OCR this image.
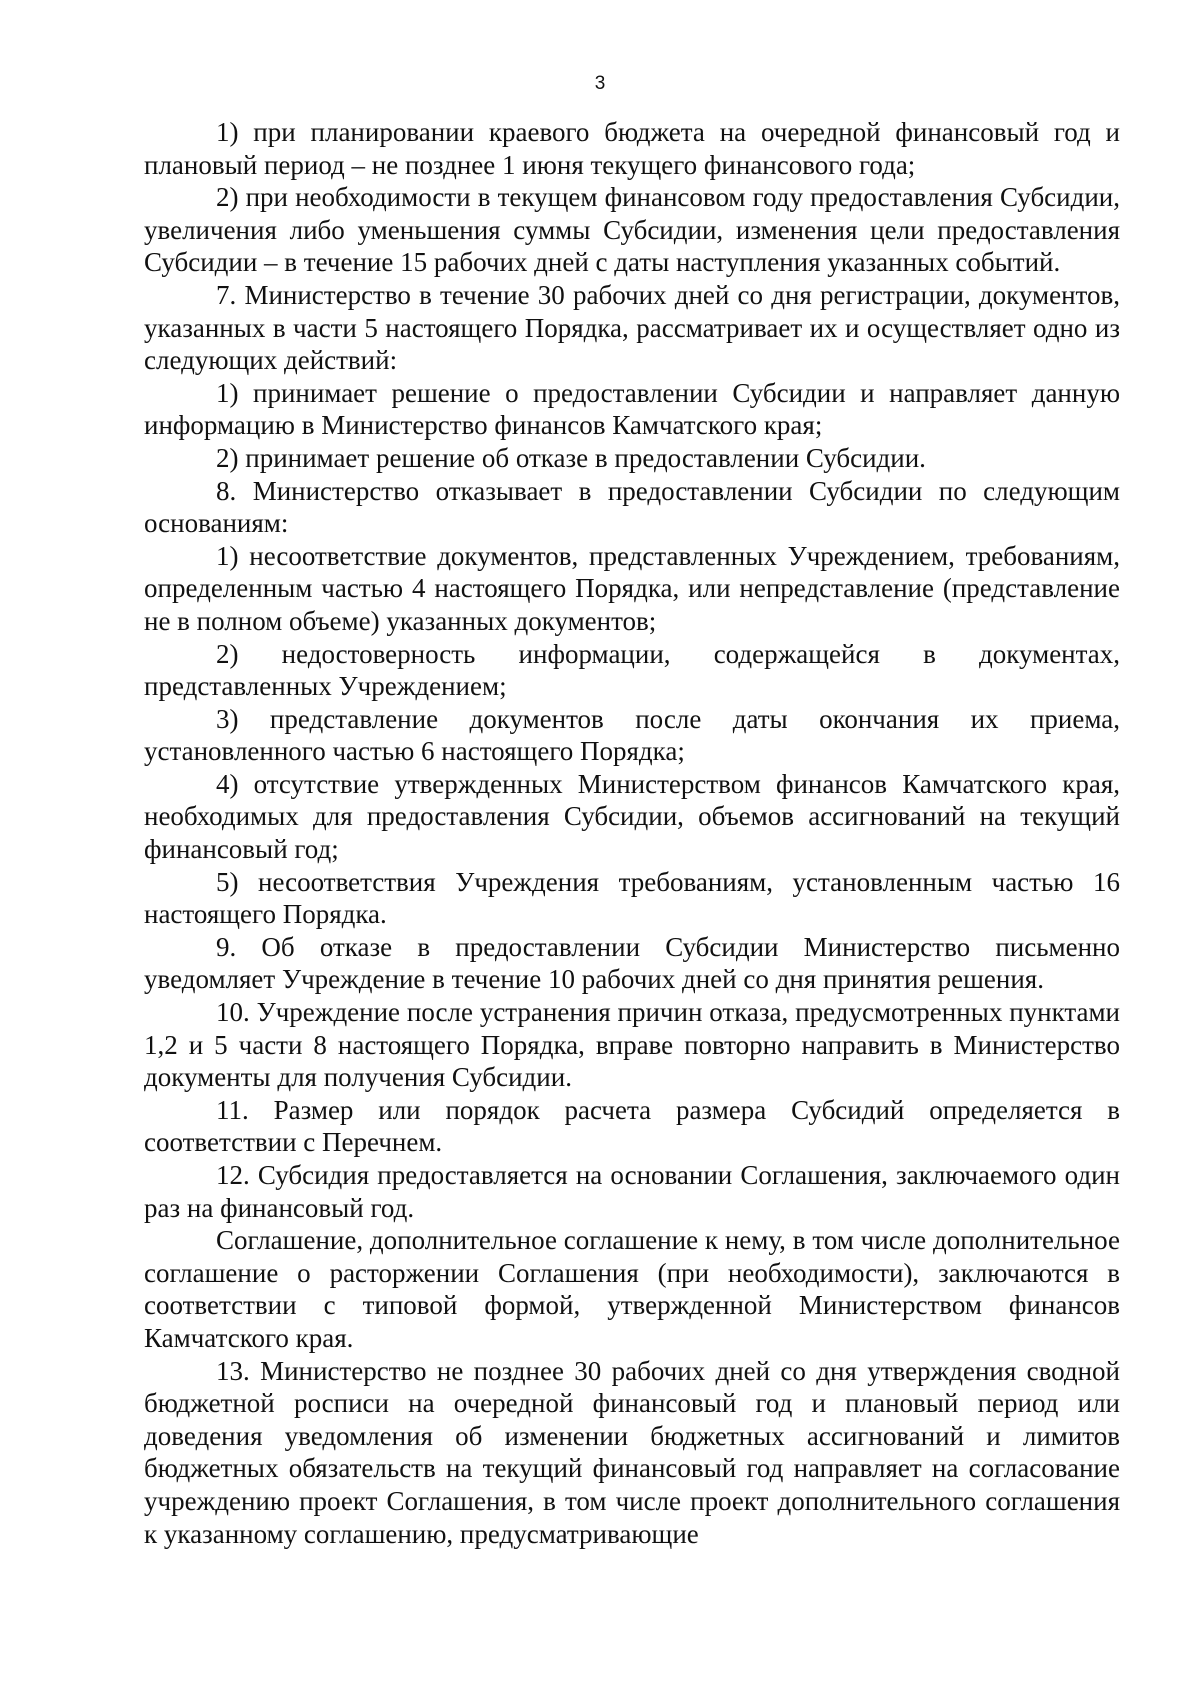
3

1) при планировании краевого бюджета на очередной финансовый год и плановый период – не позднее 1 июня текущего финансового года;

2) при необходимости в текущем финансовом году предоставления Субсидии, увеличения либо уменьшения суммы Субсидии, изменения цели предоставления Субсидии – в течение 15 рабочих дней с даты наступления указанных событий.

7. Министерство в течение 30 рабочих дней со дня регистрации, документов, указанных в части 5 настоящего Порядка, рассматривает их и осуществляет одно из следующих действий:

1) принимает решение о предоставлении Субсидии и направляет данную информацию в Министерство финансов Камчатского края;

2) принимает решение об отказе в предоставлении Субсидии.

8. Министерство отказывает в предоставлении Субсидии по следующим основаниям:

1) несоответствие документов, представленных Учреждением, требованиям, определенным частью 4 настоящего Порядка, или непредставление (представление не в полном объеме) указанных документов;

2) недостоверность информации, содержащейся в документах, представленных Учреждением;

3) представление документов после даты окончания их приема, установленного частью 6 настоящего Порядка;

4) отсутствие утвержденных Министерством финансов Камчатского края, необходимых для предоставления Субсидии, объемов ассигнований на текущий финансовый год;

5) несоответствия Учреждения требованиям, установленным частью 16 настоящего Порядка.

9. Об отказе в предоставлении Субсидии Министерство письменно уведомляет Учреждение в течение 10 рабочих дней со дня принятия решения.

10. Учреждение после устранения причин отказа, предусмотренных пунктами 1,2 и 5 части 8 настоящего Порядка, вправе повторно направить в Министерство документы для получения Субсидии.

11. Размер или порядок расчета размера Субсидий определяется в соответствии с Перечнем.

12. Субсидия предоставляется на основании Соглашения, заключаемого один раз на финансовый год.

Соглашение, дополнительное соглашение к нему, в том числе дополнительное соглашение о расторжении Соглашения (при необходимости), заключаются в соответствии с типовой формой, утвержденной Министерством финансов Камчатского края.

13. Министерство не позднее 30 рабочих дней со дня утверждения сводной бюджетной росписи на очередной финансовый год и плановый период или доведения уведомления об изменении бюджетных ассигнований и лимитов бюджетных обязательств на текущий финансовый год направляет на согласование учреждению проект Соглашения, в том числе проект дополнительного соглашения к указанному соглашению, предусматривающие
